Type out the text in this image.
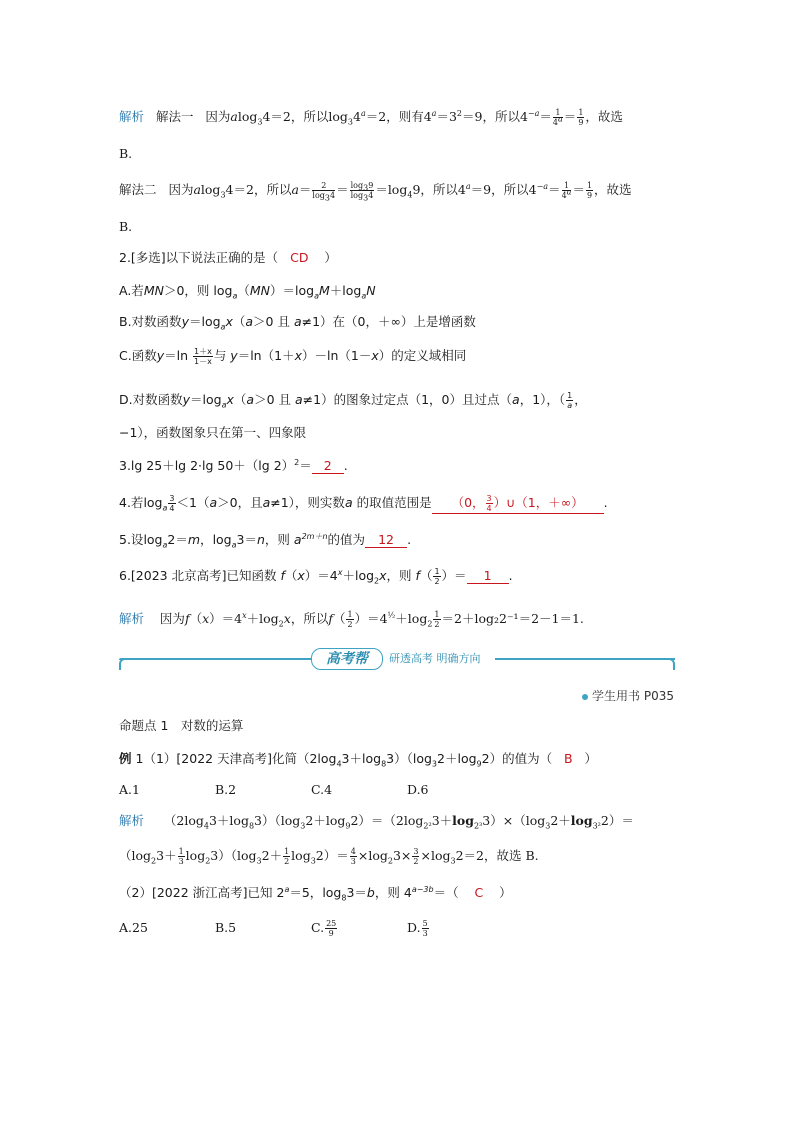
解析 解法一 因为alog$_3$4＝2，所以$\log_34^a=2$，则有$4^a=3^2=9$，所以$4^{-a}= \frac{1}{4^a} = \frac{1}{9}$ ，故选
B.
解法二 因为alog$_3$4＝2，所以$a= \frac{2}{\log_34} = \frac{\log_39}{\log_34} =\log_49$，所以$4^a=9$，所以$4^{-a}= \frac{1}{4^a} = \frac{1}{9}$ ，故选
B.
2.[多选]以下说法正确的是（ CD ）
A.若MN＞0，则 $\log_a(MN)=\log_aM+\log_aN$
B.对数函数$y=\log_ax(a>0$ 且 a≠1）在（0，＋∞）上是增函数
C.函数$y=\ln \frac{1+x}{1-x}$ 与 y＝ln（1＋x）－ln（1－x）的定义域相同
D.对数函数$y=\log_ax(a>0$ 且 a≠1）的图象过定点（1，0）且过点（a，1），（ $\frac{1}{a}$ ，
−1），函数图象只在第一、四象限
3.lg 25＋lg 2·lg 50＋（lg 2）$^2$＝ 2 .
4.若$\log_a \frac{3}{4} <1(a>0$，且a≠1），则实数a 的取值范围是 （0， $\frac{3}{4}$ ）∪（1，＋∞） .
5.设$\log_a2=m$，$\log_a3=n$，则 $a^{2m+n}$的值为 12 .
6.[2023 北京高考]已知函数 $f(x)=4^x+\log_2x$，则 $f( \frac{1}{2}$ ）＝ 1 .
解析 因为$f(x)=4^x+\log_2x$，所以$f( \frac{1}{2} )=4^{\frac{1}{2}}+\log_2 \frac{1}{2} =2+\log_22^{-1}=2-1=1$.
高考帮	研透高考 明确方向
学生用书 P035
命题点 1　对数的运算
例 1（1）[2022 天津高考]化简$(2\log_43+\log_83)(\log_32+\log_92)$的值为（ B ）
A.1	B.2	C.4	D.6
解析     $(2\log_43+\log_83)(\log_32+\log_92)=(2\log_{2^2}3+\log_{2^3}3)\times(\log_32+\log_{3^2}2)=$
$(\log_23+ \frac{1}{3} \log_23)(\log_32+ \frac{1}{2} \log_32)= \frac{4}{3} \times\log_23\times \frac{3}{2} \times\log_32=2$，故选 B.
（2）[2022 浙江高考]已知 $2^a=5$，$\log_83=b$，则 $4^{a-3b}=$（    C ）
A.25	B.5	C. $\frac{25}{9}$	D. $\frac{5}{3}$
